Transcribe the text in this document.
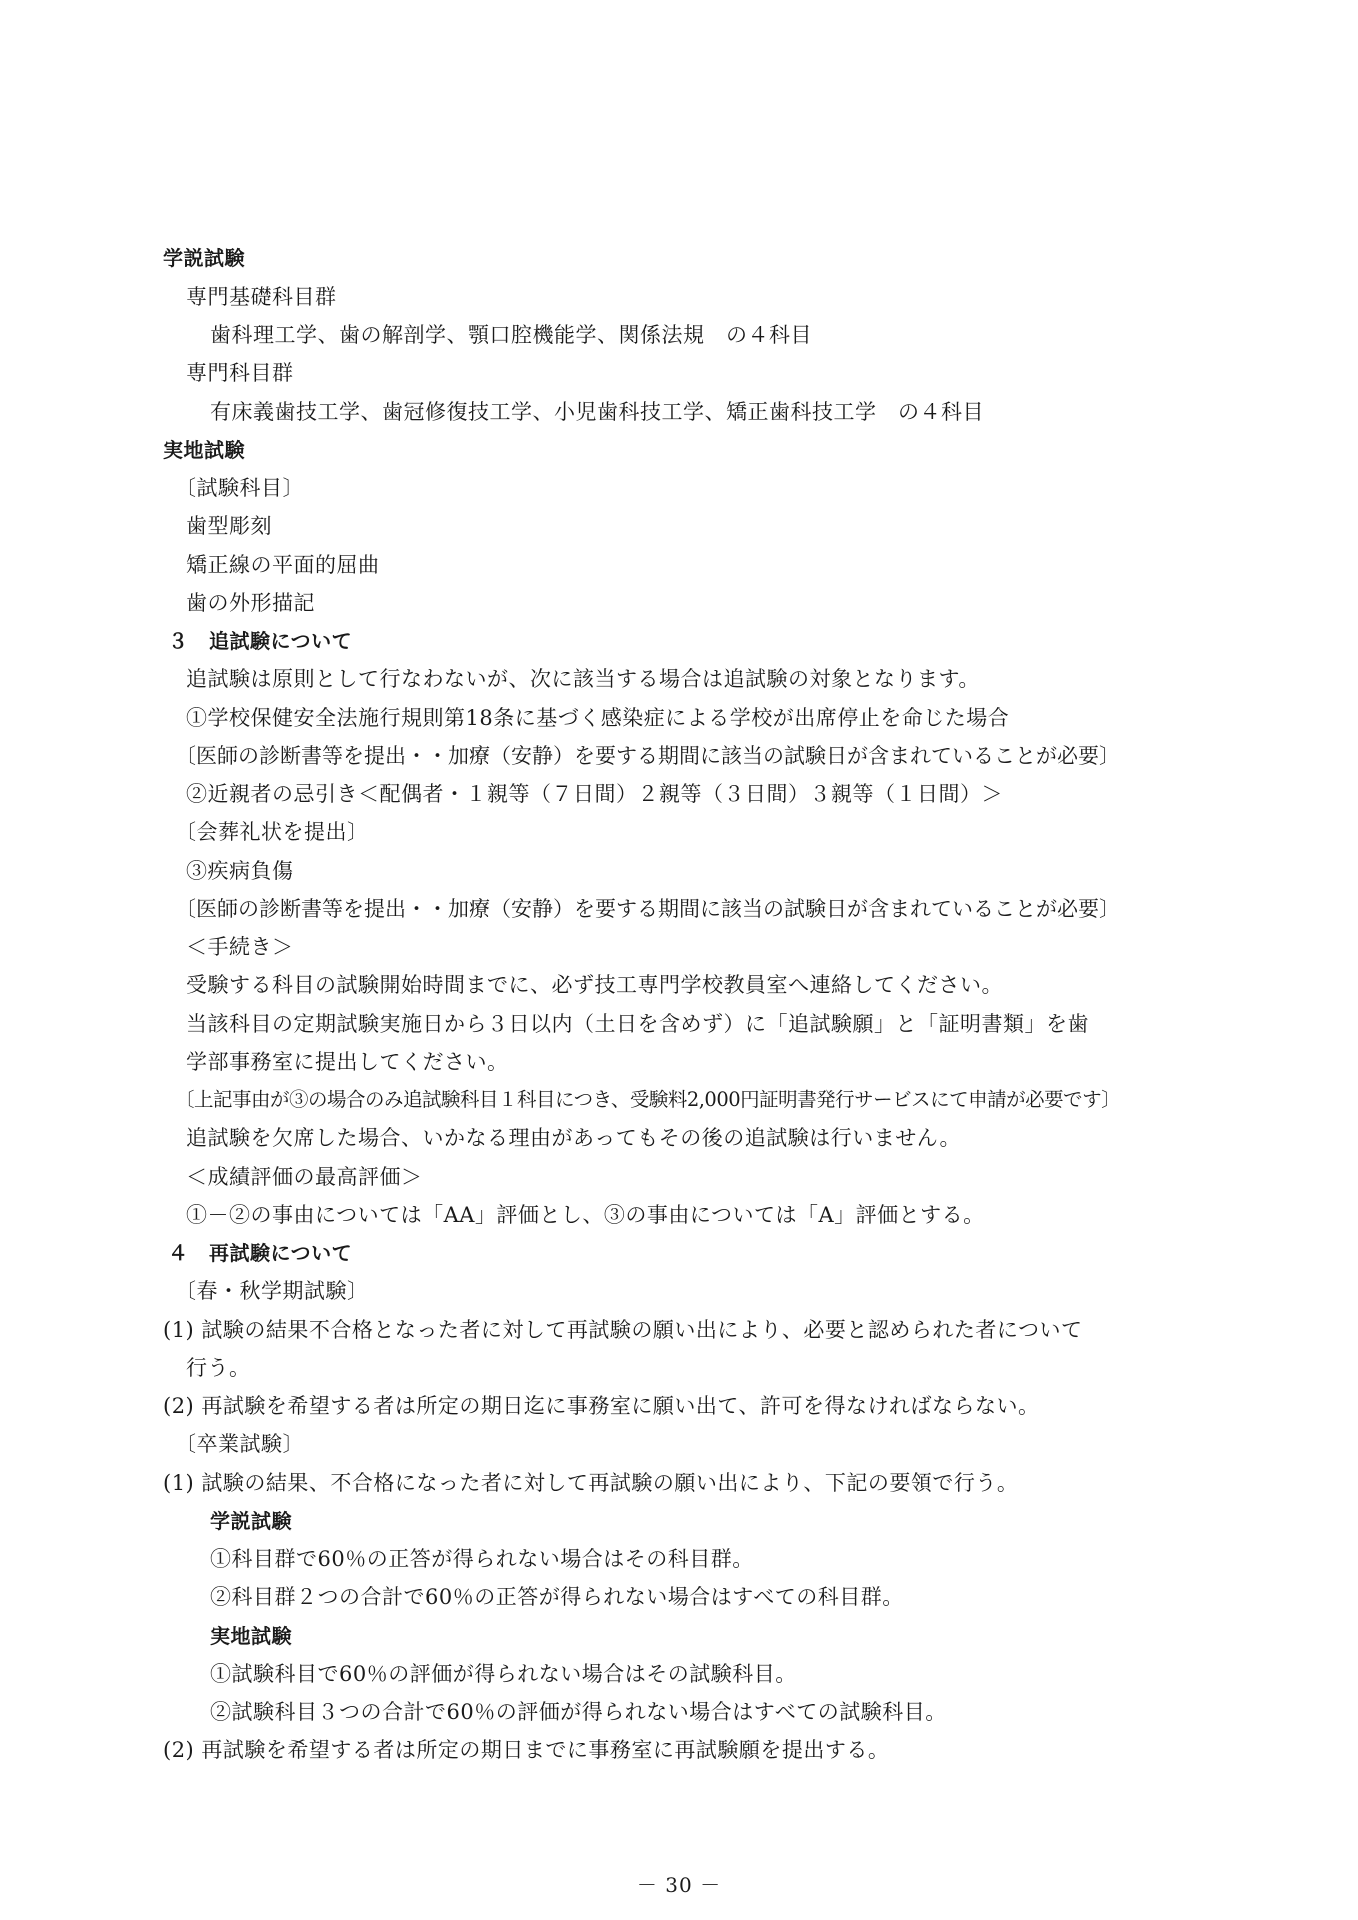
学説試験
専門基礎科目群
歯科理工学、歯の解剖学、顎口腔機能学、関係法規　の４科目
専門科目群
有床義歯技工学、歯冠修復技工学、小児歯科技工学、矯正歯科技工学　の４科目
実地試験
〔試験科目〕
歯型彫刻
矯正線の平面的屈曲
歯の外形描記
３　追試験について
追試験は原則として行なわないが、次に該当する場合は追試験の対象となります。
①学校保健安全法施行規則第18条に基づく感染症による学校が出席停止を命じた場合
〔医師の診断書等を提出・・加療（安静）を要する期間に該当の試験日が含まれていることが必要〕
②近親者の忌引き＜配偶者・１親等（７日間）２親等（３日間）３親等（１日間）＞
〔会葬礼状を提出〕
③疾病負傷
〔医師の診断書等を提出・・加療（安静）を要する期間に該当の試験日が含まれていることが必要〕
＜手続き＞
受験する科目の試験開始時間までに、必ず技工専門学校教員室へ連絡してください。
当該科目の定期試験実施日から３日以内（土日を含めず）に「追試験願」と「証明書類」を歯
学部事務室に提出してください。
〔上記事由が③の場合のみ追試験科目１科目につき、受験料2,000円証明書発行サービスにて申請が必要です〕
追試験を欠席した場合、いかなる理由があってもその後の追試験は行いません。
＜成績評価の最高評価＞
①－②の事由については「AA」評価とし、③の事由については「A」評価とする。
４　再試験について
〔春・秋学期試験〕
(1) 試験の結果不合格となった者に対して再試験の願い出により、必要と認められた者について
行う。
(2) 再試験を希望する者は所定の期日迄に事務室に願い出て、許可を得なければならない。
〔卒業試験〕
(1) 試験の結果、不合格になった者に対して再試験の願い出により、下記の要領で行う。
学説試験
①科目群で60％の正答が得られない場合はその科目群。
②科目群２つの合計で60％の正答が得られない場合はすべての科目群。
実地試験
①試験科目で60％の評価が得られない場合はその試験科目。
②試験科目３つの合計で60％の評価が得られない場合はすべての試験科目。
(2) 再試験を希望する者は所定の期日までに事務室に再試験願を提出する。
－ 30 －
